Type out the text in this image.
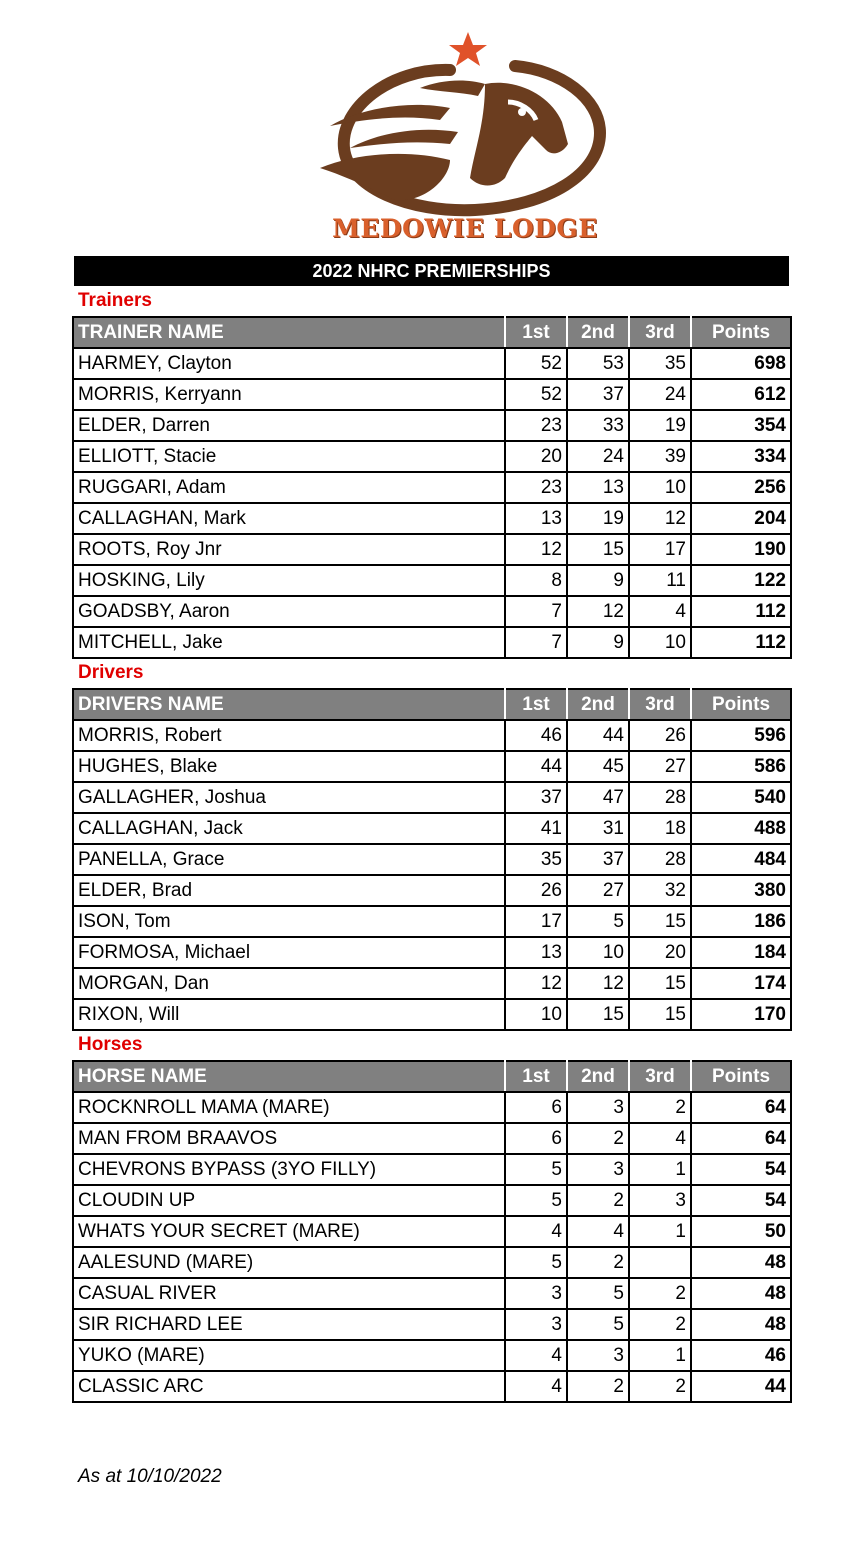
MEDOWIE LODGE
2022 NHRC PREMIERSHIPS
Trainers
TRAINER NAME	1st	2nd	3rd	Points
HARMEY, Clayton	52	53	35	698
MORRIS, Kerryann	52	37	24	612
ELDER, Darren	23	33	19	354
ELLIOTT, Stacie	20	24	39	334
RUGGARI, Adam	23	13	10	256
CALLAGHAN, Mark	13	19	12	204
ROOTS, Roy Jnr	12	15	17	190
HOSKING, Lily	8	9	11	122
GOADSBY, Aaron	7	12	4	112
MITCHELL, Jake	7	9	10	112
Drivers
DRIVERS NAME	1st	2nd	3rd	Points
MORRIS, Robert	46	44	26	596
HUGHES, Blake	44	45	27	586
GALLAGHER, Joshua	37	47	28	540
CALLAGHAN, Jack	41	31	18	488
PANELLA, Grace	35	37	28	484
ELDER, Brad	26	27	32	380
ISON, Tom	17	5	15	186
FORMOSA, Michael	13	10	20	184
MORGAN, Dan	12	12	15	174
RIXON, Will	10	15	15	170
Horses
HORSE NAME	1st	2nd	3rd	Points
ROCKNROLL MAMA (MARE)	6	3	2	64
MAN FROM BRAAVOS	6	2	4	64
CHEVRONS BYPASS (3YO FILLY)	5	3	1	54
CLOUDIN UP	5	2	3	54
WHATS YOUR SECRET (MARE)	4	4	1	50
AALESUND (MARE)	5	2		48
CASUAL RIVER	3	5	2	48
SIR RICHARD LEE	3	5	2	48
YUKO (MARE)	4	3	1	46
CLASSIC ARC	4	2	2	44
As at 10/10/2022
